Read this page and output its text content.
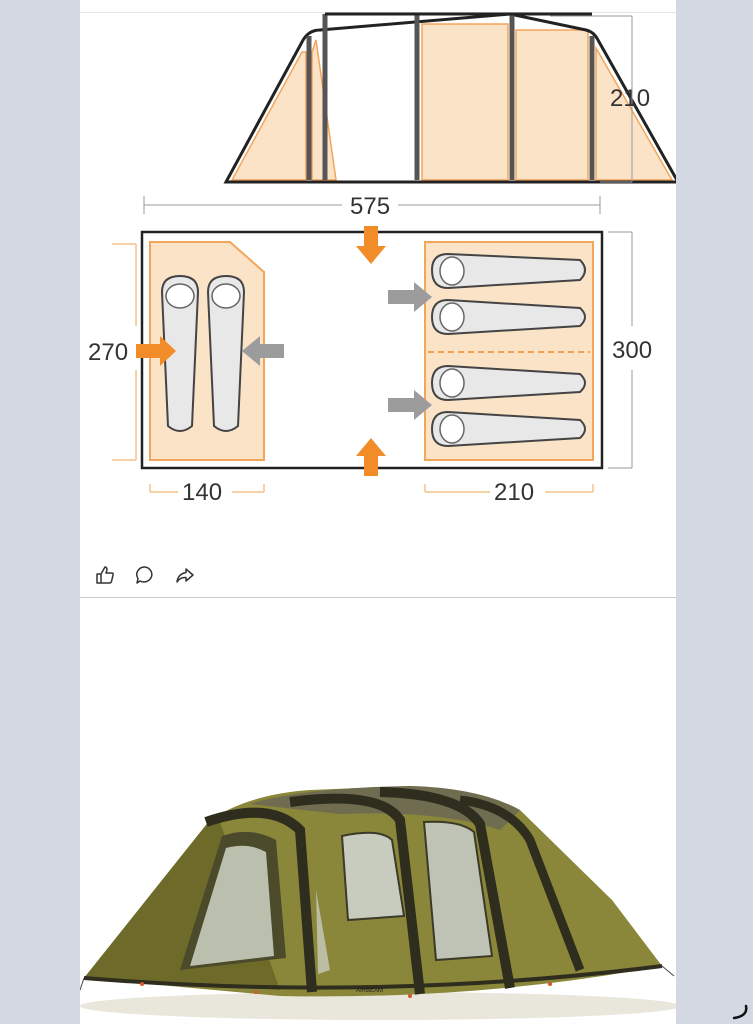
210
575
270	300
140	210
AIRBEAM
